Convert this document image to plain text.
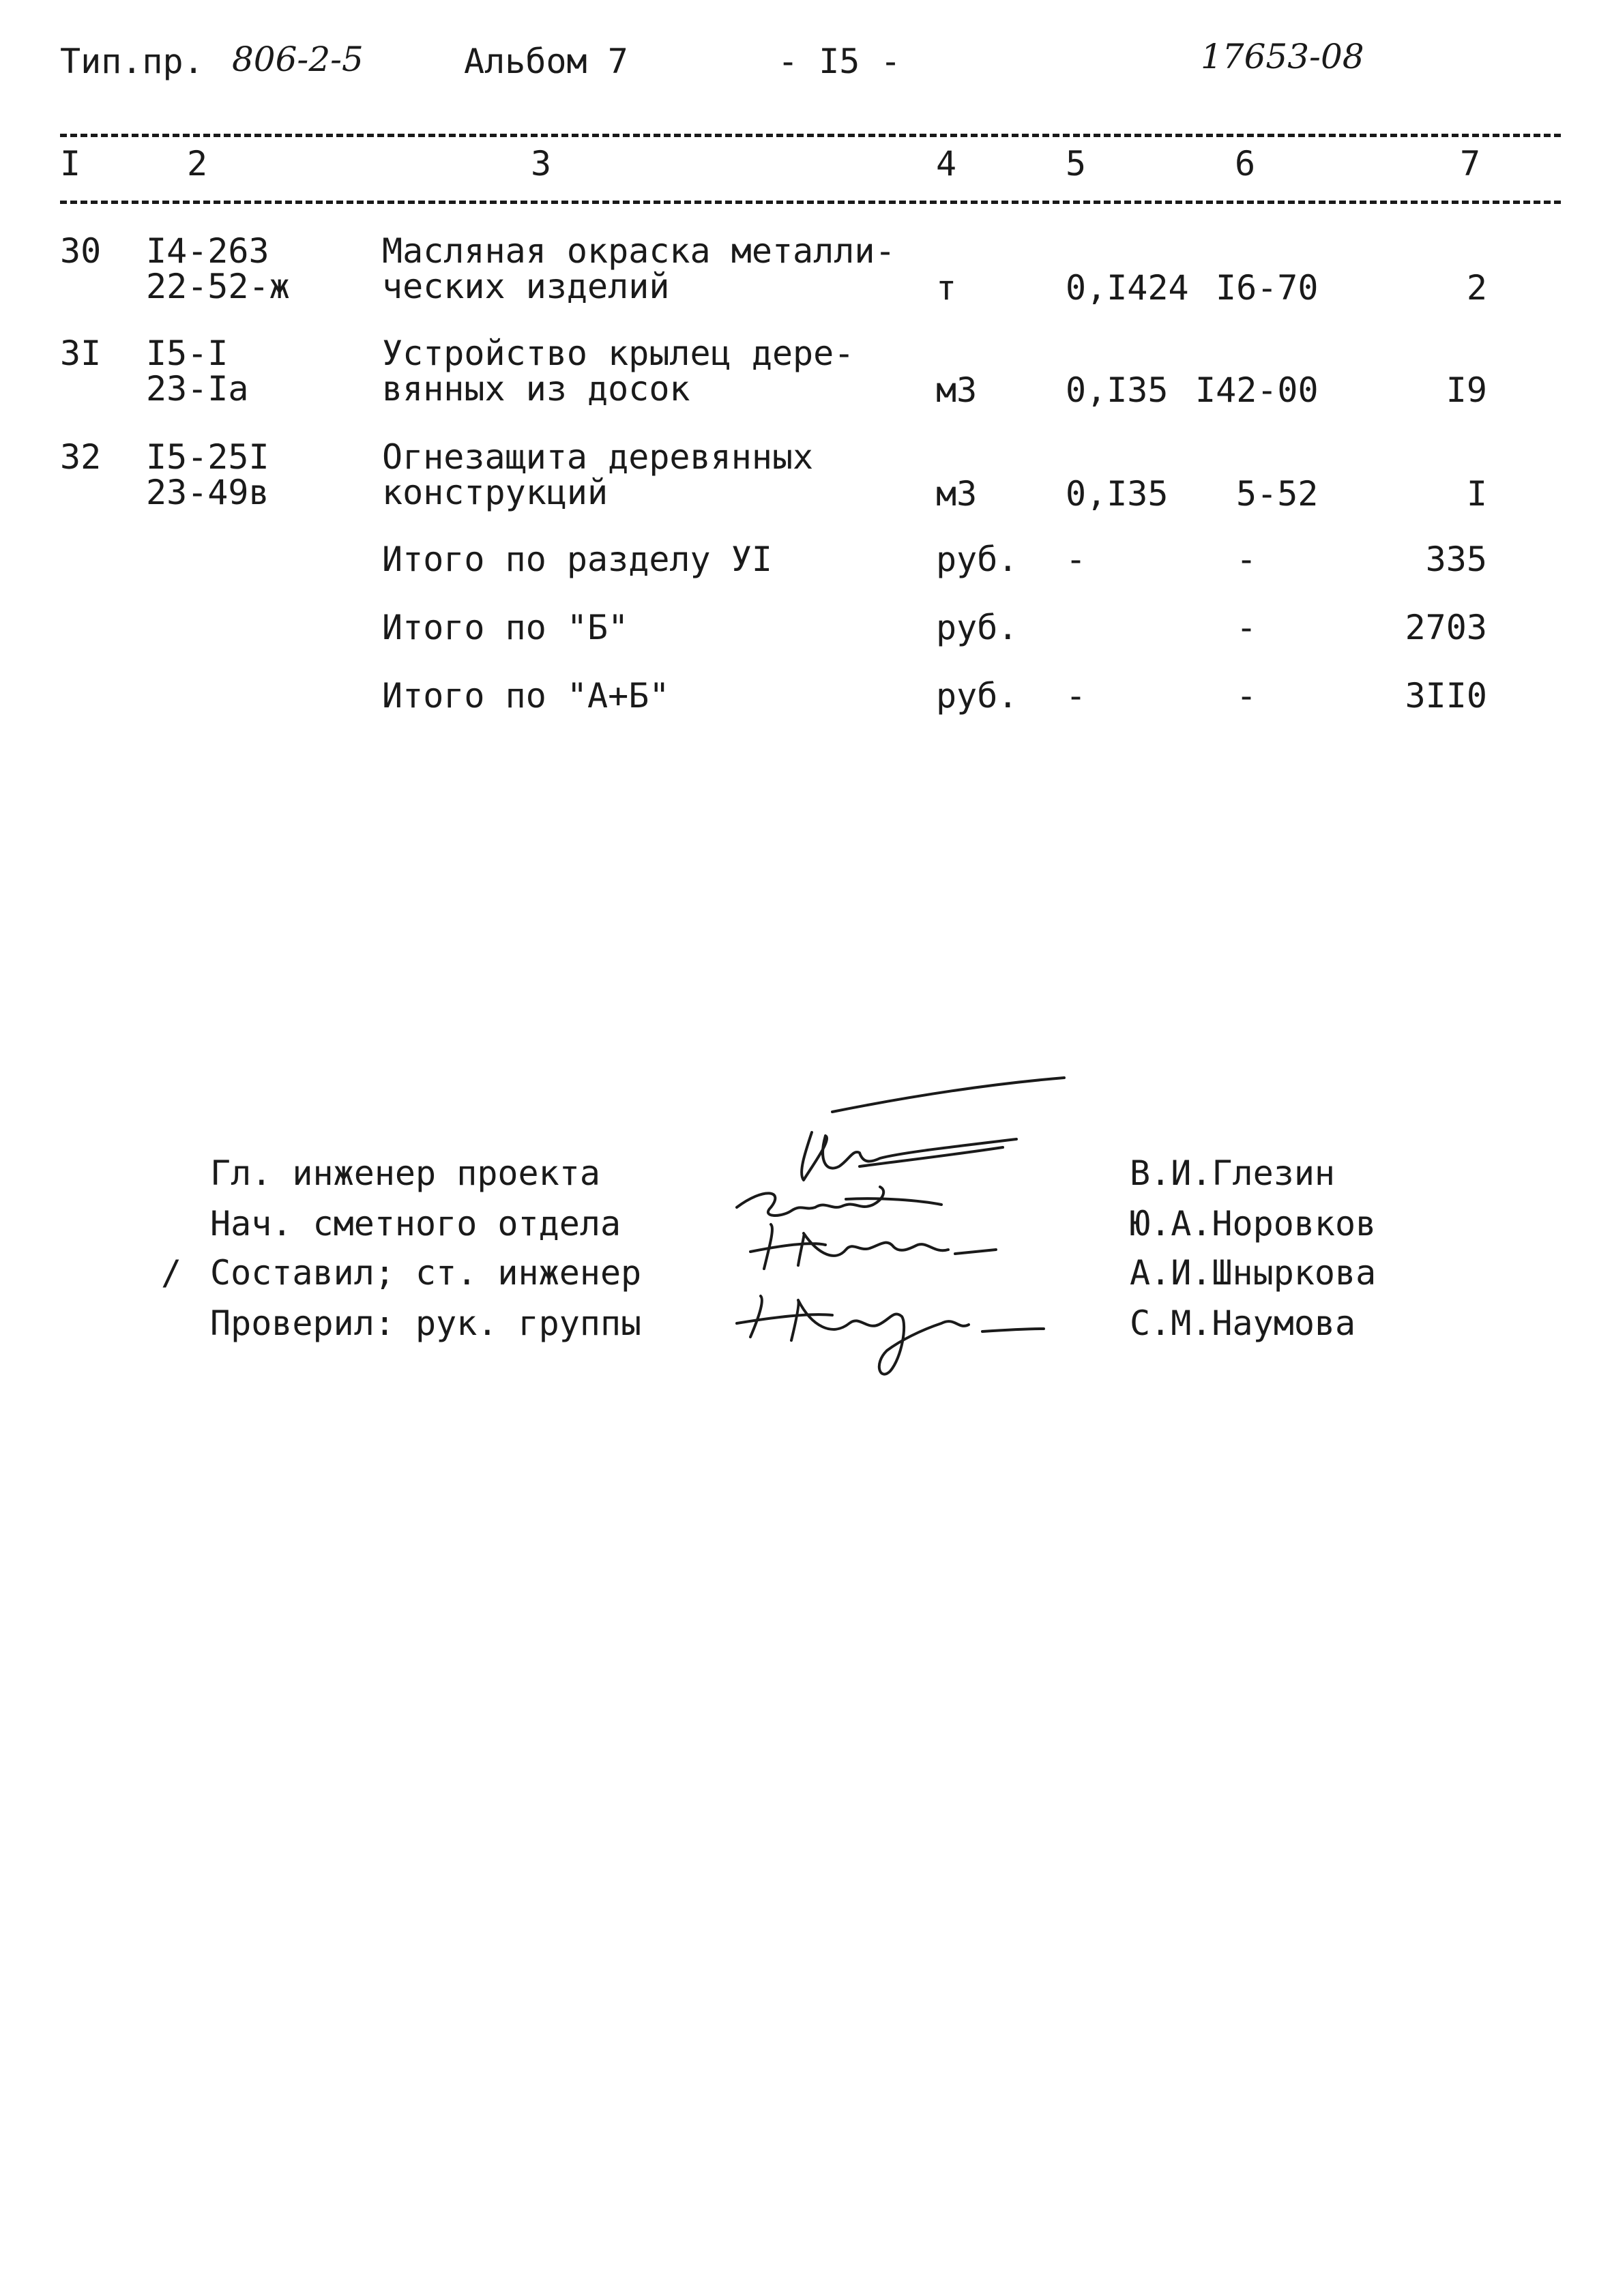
Тип.пр. 806-2-5	Альбом 7	- I5 -	17653-08
I	2	3	4	5	6	7
30 I4-263
22-52-ж
Масляная окраска металли-
ческих изделий	т	0,I424 I6-70	2
3I I5-I
23-Iа
Устройство крылец дере-
вянных из досок	м3	0,I35 I42-00	I9
32 I5-25I
23-49в
Огнезащита деревянных
конструкций	м3	0,I35 5-52	I
Итого по разделу УI	руб. -	-	335
Итого по "Б"	руб.	-	2703
Итого по "А+Б"	руб. -	-	3II0
Гл. инженер проекта	В.И.Глезин
Нач. сметного отдела	Ю.А.Норовков
/ Составил; ст. инженер	А.И.Шныркова
Проверил: рук. группы	С.М.Наумова
